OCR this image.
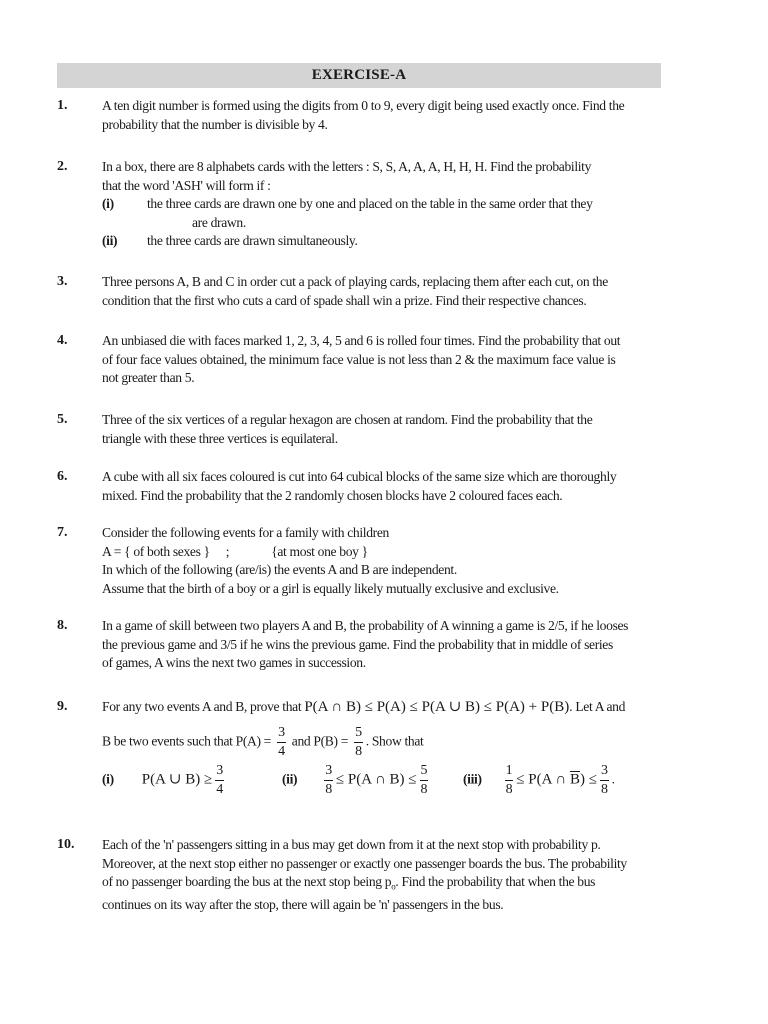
EXERCISE-A
1.	A ten digit number is formed using the digits from 0 to 9, every digit being used exactly once. Find the
probability that the number is divisible by 4.
2.	In a box, there are 8 alphabets cards with the letters : S, S, A, A, A, H, H, H. Find the probability
that the word 'ASH' will form if :
(i) the three cards are drawn one by one and placed on the table in the same order that they
are drawn.
(ii) the three cards are drawn simultaneously.
3.	Three persons A, B and C in order cut a pack of playing cards, replacing them after each cut, on the
condition that the first who cuts a card of spade shall win a prize. Find their respective chances.
4.	An unbiased die with faces marked 1, 2, 3, 4, 5 and 6 is rolled four times. Find the probability that out
of four face values obtained, the minimum face value is not less than 2 & the maximum face value is
not greater than 5.
5.	Three of the six vertices of a regular hexagon are chosen at random. Find the probability that the
triangle with these three vertices is equilateral.
6.	A cube with all six faces coloured is cut into 64 cubical blocks of the same size which are thoroughly
mixed. Find the probability that the 2 randomly chosen blocks have 2 coloured faces each.
7.	Consider the following events for a family with children
A = { of both sexes } ;	{at most one boy }
In which of the following (are/is) the events A and B are independent.
Assume that the birth of a boy or a girl is equally likely mutually exclusive and exclusive.
8.	In a game of skill between two players A and B, the probability of A winning a game is 2/5, if he looses
the previous game and 3/5 if he wins the previous game. Find the probability that in middle of series
of games, A wins the next two games in succession.
9.	For any two events A and B, prove that P(A ∩ B) ≤ P(A) ≤ P(A ∪ B) ≤ P(A) + P(B). Let A and
B be two events such that $P(A) = \frac{3}{4}$ and $P(B) = \frac{5}{8}$ . Show that
(i) P(A ∪ $B) \ge \frac{3}{4}$	$(ii) \frac{3}{8} \le P(A$ ∩ $B) \le \frac{5}{8}$	$(iii) \frac{1}{8} \le P(A$ ∩ $\overline{B}) \le \frac{3}{8}$ .
10. Each of the 'n' passengers sitting in a bus may get down from it at the next stop with probability p.
Moreover, at the next stop either no passenger or exactly one passenger boards the bus. The probability
of no passenger boarding the bus at the next stop being $p_o$. Find the probability that when the bus
continues on its way after the stop, there will again be 'n' passengers in the bus.
